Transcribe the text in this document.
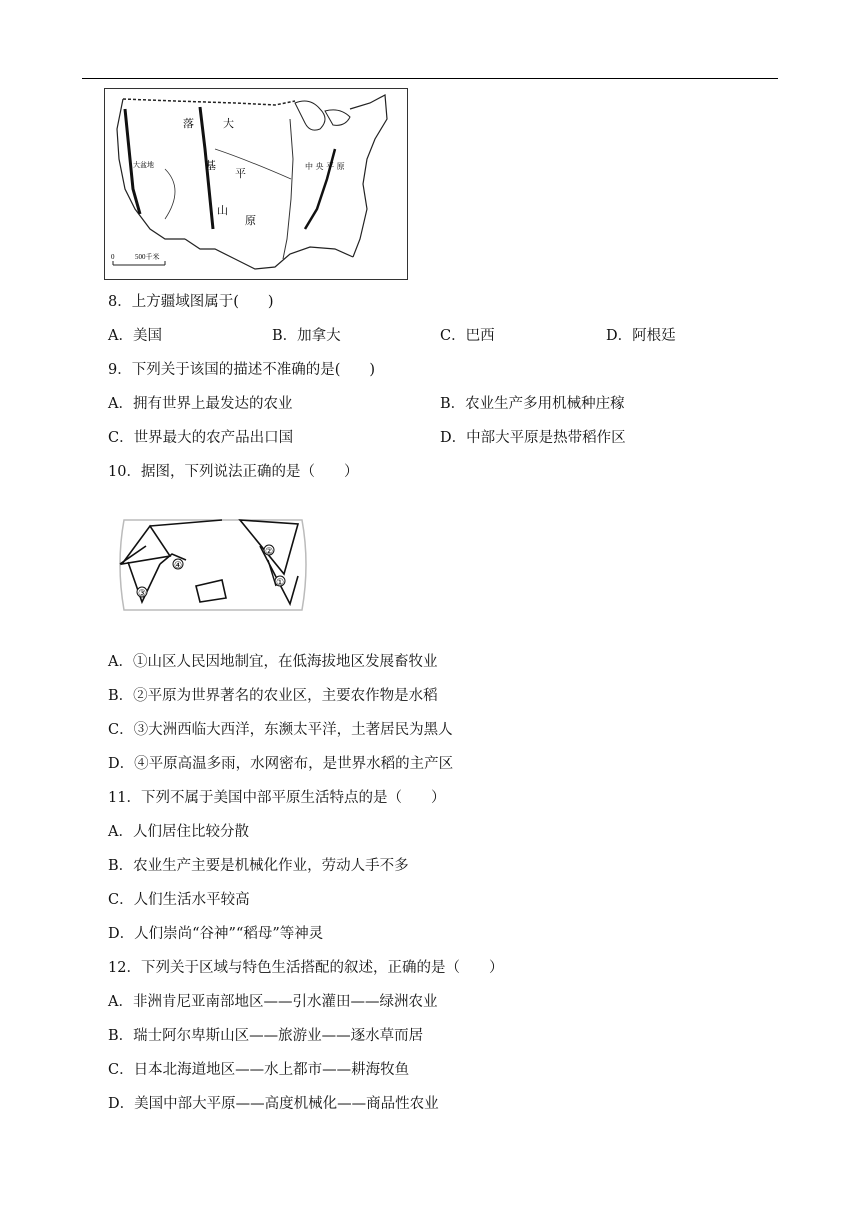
0	500千米
落
基
山
大
平
原
中 央 平 原
大盆地
8．上方疆域图属于(　　)
A．美国	B．加拿大	C．巴西	D．阿根廷
9．下列关于该国的描述不准确的是(　　)
A．拥有世界上最发达的农业	B．农业生产多用机械种庄稼
C．世界最大的农产品出口国	D．中部大平原是热带稻作区
10．据图，下列说法正确的是（　　）
④
②
①
③
A．①山区人民因地制宜，在低海拔地区发展畜牧业
B．②平原为世界著名的农业区，主要农作物是水稻
C．③大洲西临大西洋，东濒太平洋，土著居民为黑人
D．④平原高温多雨，水网密布，是世界水稻的主产区
11．下列不属于美国中部平原生活特点的是（　　）
A．人们居住比较分散
B．农业生产主要是机械化作业，劳动人手不多
C．人们生活水平较高
D．人们崇尚“谷神”“稻母”等神灵
12．下列关于区域与特色生活搭配的叙述，正确的是（　　）
A．非洲肯尼亚南部地区——引水灌田——绿洲农业
B．瑞士阿尔卑斯山区——旅游业——逐水草而居
C．日本北海道地区——水上都市——耕海牧鱼
D．美国中部大平原——高度机械化——商品性农业
